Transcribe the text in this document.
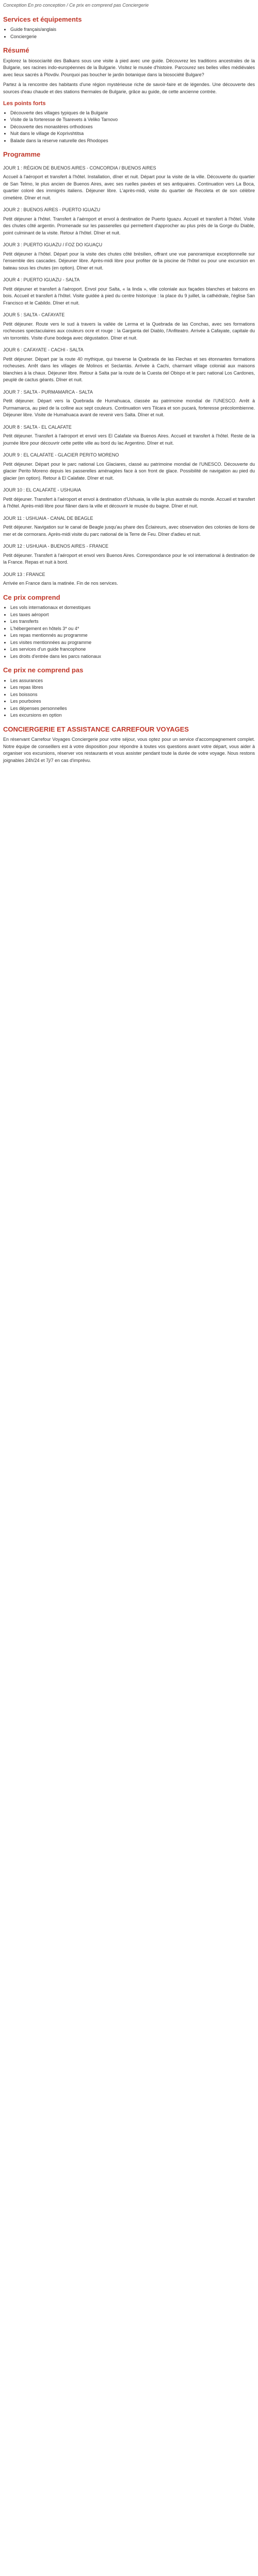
Conception En pro conception / Ce prix en comprend pas Conciergerie
Services et équipements
• Guide français/anglais
• Conciergerie
Résumé

Explorez la biosociarité des Balkans sous une visite à pied avec une guide. Découvrez les traditions ancestrales de la Bulgarie, ses racines indo-européennes de la Bulgarie. Visitez le musée d'histoire. Parcourez ses belles villes médiévales avec lieux sacrés à Plovdiv. Pourquoi pas boucher le jardin botanique dans la biosociété Bulgare?

Partez à la rencontre des habitants d'une région mystérieuse riche de savoir-faire et de légendes. Une découverte des sources d'eau chaude et des stations thermales de Bulgarie, grâce au guide, de cette ancienne contrée.

Les points forts
• Découverte des villages typiques de la Bulgarie
• Visite de la forteresse de Tsarevets à Veliko Tarnovo
• Découverte des monastères orthodoxes
• Nuit dans le village de Koprivshtitsa
• Balade dans la réserve naturelle des Rhodopes
Programme
JOUR 1 : RÉGION DE BUENOS AIRES - CONCORDIA / BUENOS AIRES

Accueil à l'aéroport et transfert à l'hôtel. Installation, dîner et nuit. Départ pour la visite de la ville. Découverte du quartier de San Telmo, le plus ancien de Buenos Aires, avec ses ruelles pavées et ses antiquaires. Continuation vers La Boca, quartier coloré des immigrés italiens. Déjeuner libre. L'après-midi, visite du quartier de Recoleta et de son célèbre cimetière. Dîner et nuit.

JOUR 2 : BUENOS AIRES - PUERTO IGUAZU

Petit déjeuner à l'hôtel. Transfert à l'aéroport et envol à destination de Puerto Iguazu. Accueil et transfert à l'hôtel. Visite des chutes côté argentin. Promenade sur les passerelles qui permettent d'approcher au plus près de la Gorge du Diable, point culminant de la visite. Retour à l'hôtel. Dîner et nuit.

JOUR 3 : PUERTO IGUAZU / FOZ DO IGUAÇU

Petit déjeuner à l'hôtel. Départ pour la visite des chutes côté brésilien, offrant une vue panoramique exceptionnelle sur l'ensemble des cascades. Déjeuner libre. Après-midi libre pour profiter de la piscine de l'hôtel ou pour une excursion en bateau sous les chutes (en option). Dîner et nuit.

JOUR 4 : PUERTO IGUAZU - SALTA

Petit déjeuner et transfert à l'aéroport. Envol pour Salta, « la linda », ville coloniale aux façades blanches et balcons en bois. Accueil et transfert à l'hôtel. Visite guidée à pied du centre historique : la place du 9 juillet, la cathédrale, l'église San Francisco et le Cabildo. Dîner et nuit.

JOUR 5 : SALTA - CAFAYATE

Petit déjeuner. Route vers le sud à travers la vallée de Lerma et la Quebrada de las Conchas, avec ses formations rocheuses spectaculaires aux couleurs ocre et rouge : la Garganta del Diablo, l'Anfiteatro. Arrivée à Cafayate, capitale du vin torrontés. Visite d'une bodega avec dégustation. Dîner et nuit.

JOUR 6 : CAFAYATE - CACHI - SALTA

Petit déjeuner. Départ par la route 40 mythique, qui traverse la Quebrada de las Flechas et ses étonnantes formations rocheuses. Arrêt dans les villages de Molinos et Seclantás. Arrivée à Cachi, charmant village colonial aux maisons blanchies à la chaux. Déjeuner libre. Retour à Salta par la route de la Cuesta del Obispo et le parc national Los Cardones, peuplé de cactus géants. Dîner et nuit.

JOUR 7 : SALTA - PURMAMARCA - SALTA

Petit déjeuner. Départ vers la Quebrada de Humahuaca, classée au patrimoine mondial de l'UNESCO. Arrêt à Purmamarca, au pied de la colline aux sept couleurs. Continuation vers Tilcara et son pucará, forteresse précolombienne. Déjeuner libre. Visite de Humahuaca avant de revenir vers Salta. Dîner et nuit.

JOUR 8 : SALTA - EL CALAFATE

Petit déjeuner. Transfert à l'aéroport et envol vers El Calafate via Buenos Aires. Accueil et transfert à l'hôtel. Reste de la journée libre pour découvrir cette petite ville au bord du lac Argentino. Dîner et nuit.

JOUR 9 : EL CALAFATE - GLACIER PERITO MORENO

Petit déjeuner. Départ pour le parc national Los Glaciares, classé au patrimoine mondial de l'UNESCO. Découverte du glacier Perito Moreno depuis les passerelles aménagées face à son front de glace. Possibilité de navigation au pied du glacier (en option). Retour à El Calafate. Dîner et nuit.

JOUR 10 : EL CALAFATE - USHUAIA

Petit déjeuner. Transfert à l'aéroport et envol à destination d'Ushuaia, la ville la plus australe du monde. Accueil et transfert à l'hôtel. Après-midi libre pour flâner dans la ville et découvrir le musée du bagne. Dîner et nuit.

JOUR 11 : USHUAIA - CANAL DE BEAGLE

Petit déjeuner. Navigation sur le canal de Beagle jusqu'au phare des Éclaireurs, avec observation des colonies de lions de mer et de cormorans. Après-midi visite du parc national de la Terre de Feu. Dîner d'adieu et nuit.

JOUR 12 : USHUAIA - BUENOS AIRES - FRANCE

Petit déjeuner. Transfert à l'aéroport et envol vers Buenos Aires. Correspondance pour le vol international à destination de la France. Repas et nuit à bord.

JOUR 13 : FRANCE

Arrivée en France dans la matinée. Fin de nos services.

Ce prix comprend
• Les vols internationaux et domestiques
• Les taxes aéroport
• Les transferts
• L'hébergement en hôtels 3* ou 4*
• Les repas mentionnés au programme
• Les visites mentionnées au programme
• Les services d'un guide francophone
• Les droits d'entrée dans les parcs nationaux
Ce prix ne comprend pas
• Les assurances
• Les repas libres
• Les boissons
• Les pourboires
• Les dépenses personnelles
• Les excursions en option
CONCIERGERIE ET ASSISTANCE CARREFOUR VOYAGES

En réservant Carrefour Voyages Conciergerie pour votre séjour, vous optez pour un service d'accompagnement complet. Notre équipe de conseillers est à votre disposition pour répondre à toutes vos questions avant votre départ, vous aider à organiser vos excursions, réserver vos restaurants et vous assister pendant toute la durée de votre voyage. Nous restons joignables 24h/24 et 7j/7 en cas d'imprévu.
